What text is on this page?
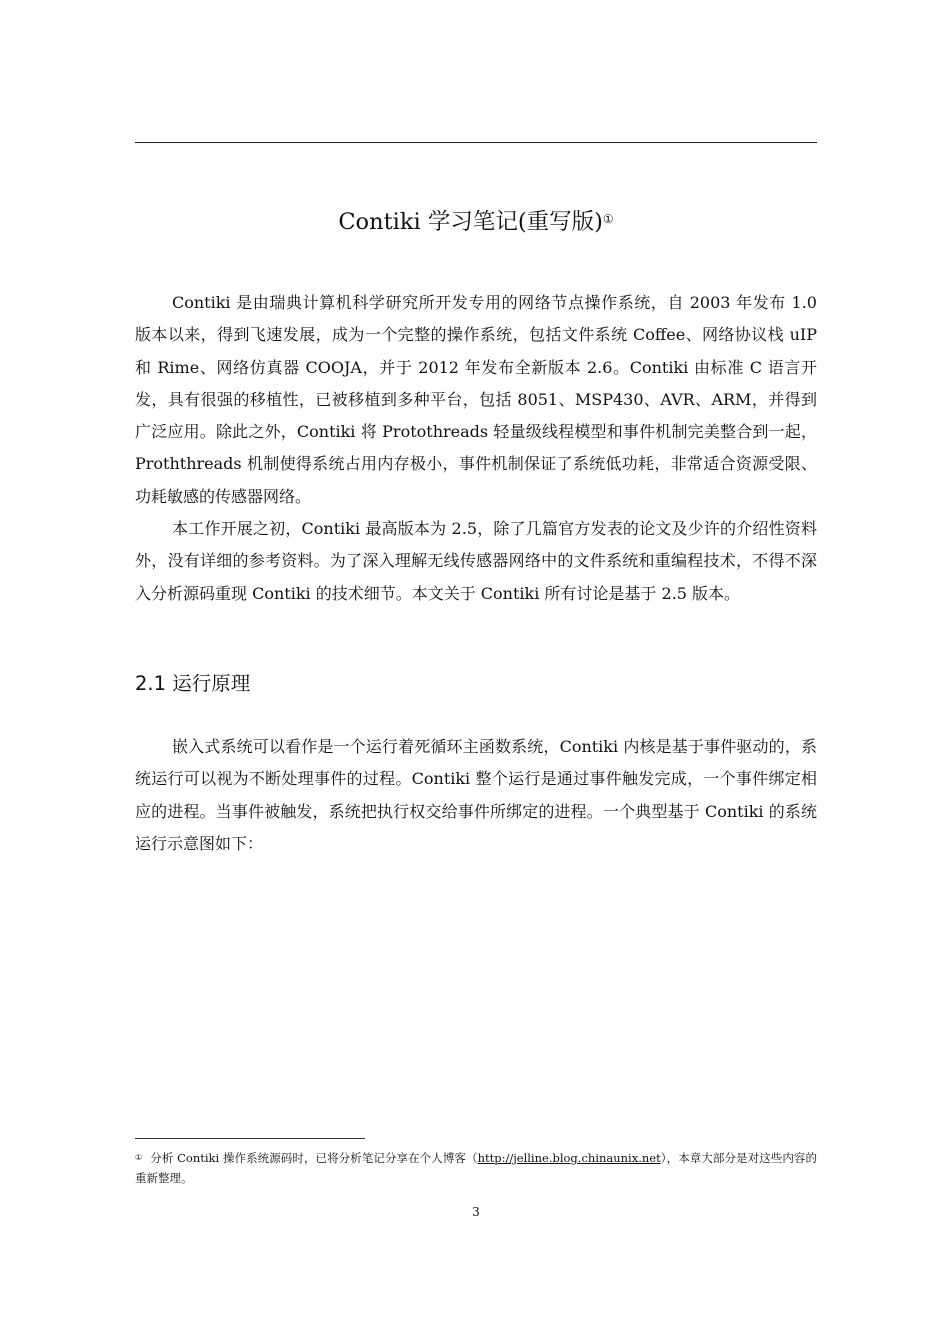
Contiki 学习笔记(重写版)①

Contiki 是由瑞典计算机科学研究所开发专用的网络节点操作系统，自 2003 年发布 1.0 版本以来，得到飞速发展，成为一个完整的操作系统，包括文件系统 Coffee、网络协议栈 uIP 和 Rime、网络仿真器 COOJA，并于 2012 年发布全新版本 2.6。Contiki 由标准 C 语言开发，具有很强的移植性，已被移植到多种平台，包括 8051、MSP430、AVR、ARM，并得到广泛应用。除此之外，Contiki 将 Protothreads 轻量级线程模型和事件机制完美整合到一起，Proththreads 机制使得系统占用内存极小，事件机制保证了系统低功耗，非常适合资源受限、功耗敏感的传感器网络。

本工作开展之初，Contiki 最高版本为 2.5，除了几篇官方发表的论文及少许的介绍性资料外，没有详细的参考资料。为了深入理解无线传感器网络中的文件系统和重编程技术，不得不深入分析源码重现 Contiki 的技术细节。本文关于 Contiki 所有讨论是基于 2.5 版本。

2.1 运行原理

嵌入式系统可以看作是一个运行着死循环主函数系统，Contiki 内核是基于事件驱动的，系统运行可以视为不断处理事件的过程。Contiki 整个运行是通过事件触发完成，一个事件绑定相应的进程。当事件被触发，系统把执行权交给事件所绑定的进程。一个典型基于 Contiki 的系统运行示意图如下：

① 分析 Contiki 操作系统源码时，已将分析笔记分享在个人博客（http://jelline.blog.chinaunix.net），本章大部分是对这些内容的重新整理。

3
